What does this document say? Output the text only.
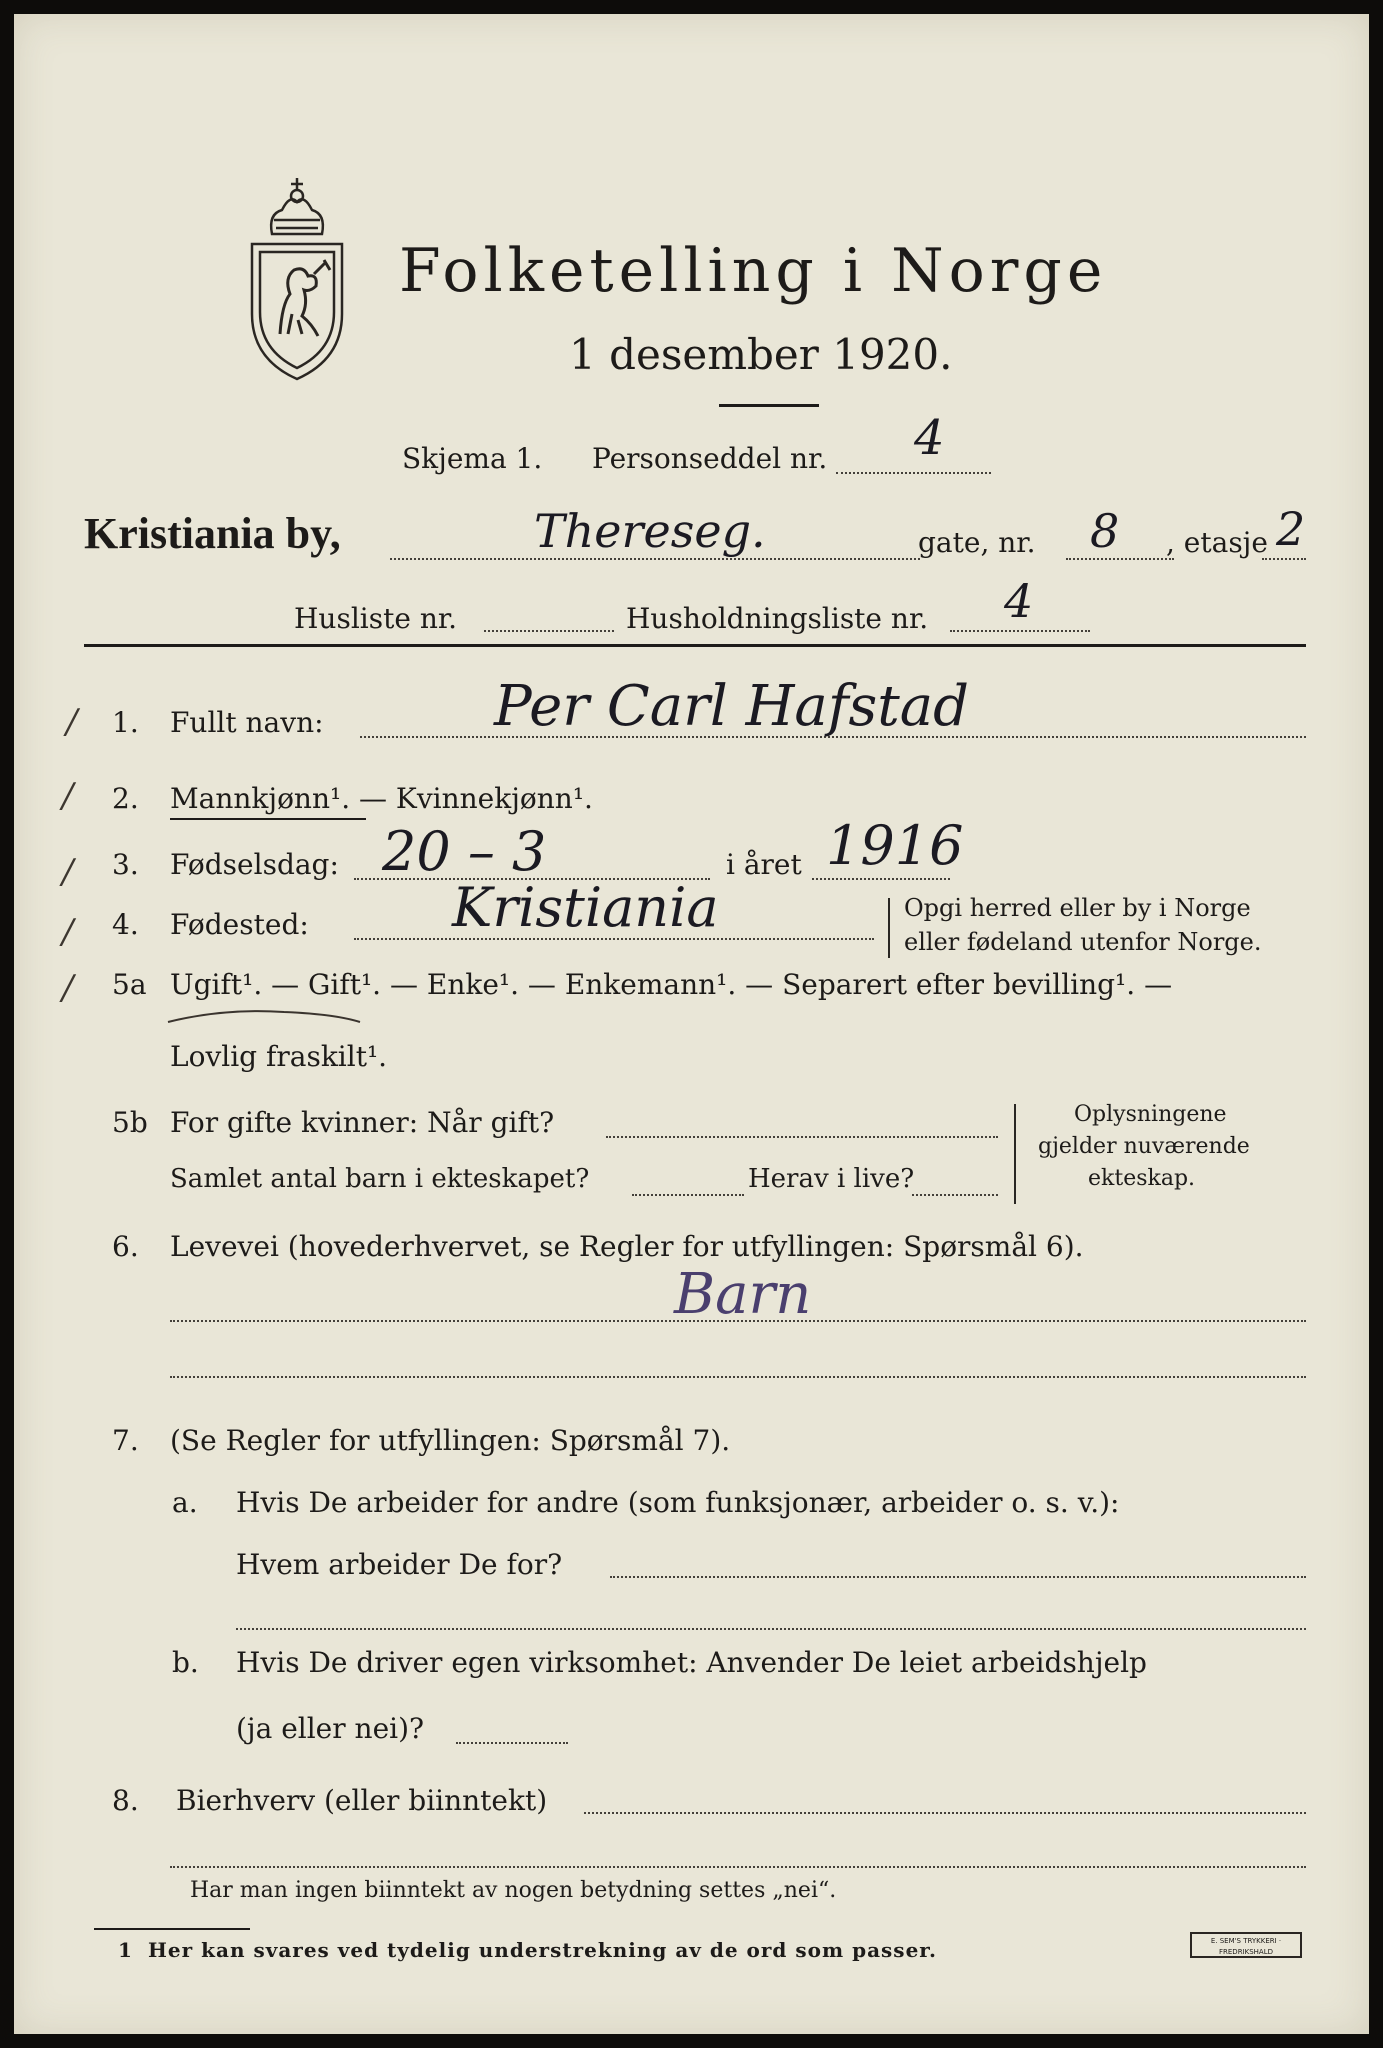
Folketelling i Norge
1 desember 1920.
Skjema 1. Personseddel nr. 4
Kristiania by,	Thereseg.	gate, nr. 8 , etasje 2
Husliste nr.	Husholdningsliste nr. 4
/
/
/
/
/
1. Fullt navn:	Per Carl Hafstad
2. Mannkjønn¹. — Kvinnekjønn¹.
3. Fødselsdag: 20 – 3	i året 1916
4. Fødested:	Kristiania	Opgi herred eller by i Norge
eller fødeland utenfor Norge.
5a Ugift¹. — Gift¹. — Enke¹. — Enkemann¹. — Separert efter bevilling¹. —
Lovlig fraskilt¹.
5b For gifte kvinner: Når gift?
Samlet antal barn i ekteskapet?	Herav i live?
Oplysningene
gjelder nuværende
ekteskap.
6. Levevei (hovederhvervet, se Regler for utfyllingen: Spørsmål 6).
Barn
7. (Se Regler for utfyllingen: Spørsmål 7).
a. Hvis De arbeider for andre (som funksjonær, arbeider o. s. v.):
Hvem arbeider De for?
b. Hvis De driver egen virksomhet: Anvender De leiet arbeidshjelp
(ja eller nei)?
8. Bierhverv (eller biinntekt)
Har man ingen biinntekt av nogen betydning settes „nei“.
1 Her kan svares ved tydelig understrekning av de ord som passer.	E. SEM'S TRYKKERI · FREDRIKSHALD
